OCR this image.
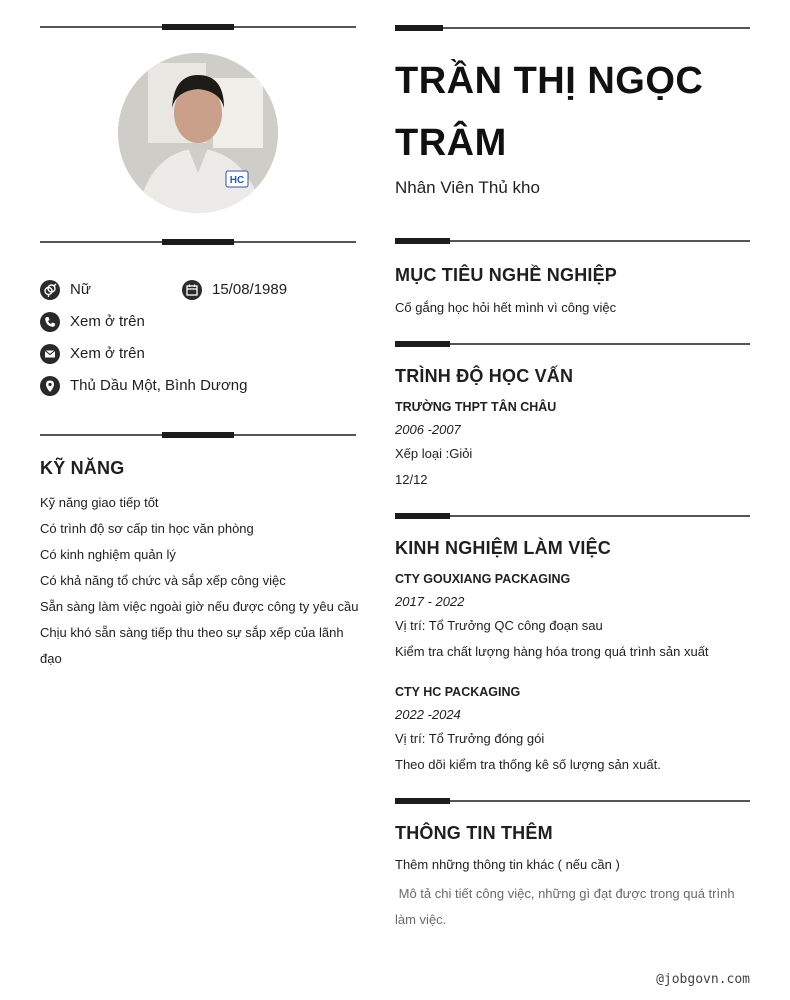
HC
Nữ	15/08/1989
Xem ở trên
Xem ở trên
Thủ Dầu Một, Bình Dương
KỸ NĂNG
Kỹ năng giao tiếp tốt
Có trình độ sơ cấp tin học văn phòng
Có kinh nghiệm quản lý
Có khả năng tổ chức và sắp xếp công việc
Sẵn sàng làm việc ngoài giờ nếu được công ty yêu cầu
Chịu khó sẵn sàng tiếp thu theo sự sắp xếp của lãnh đạo
TRẦN THỊ NGỌC TRÂM
Nhân Viên Thủ kho
MỤC TIÊU NGHỀ NGHIỆP
Cố gắng học hỏi hết mình vì công việc
TRÌNH ĐỘ HỌC VẤN
TRƯỜNG THPT TÂN CHÂU
2006 -2007
Xếp loại :Giỏi
12/12
KINH NGHIỆM LÀM VIỆC
CTY GOUXIANG PACKAGING
2017 - 2022
Vị trí: Tổ Trưởng QC công đoạn sau
Kiểm tra chất lượng hàng hóa trong quá trình sản xuất
CTY HC PACKAGING
2022 -2024
Vị trí: Tổ Trưởng đóng gói
Theo dõi kiểm tra thống kê số lượng sản xuất.
THÔNG TIN THÊM
Thêm những thông tin khác ( nếu cần )
Mô tả chi tiết công việc, những gì đạt được trong quá trình làm việc.
@jobgovn.com
